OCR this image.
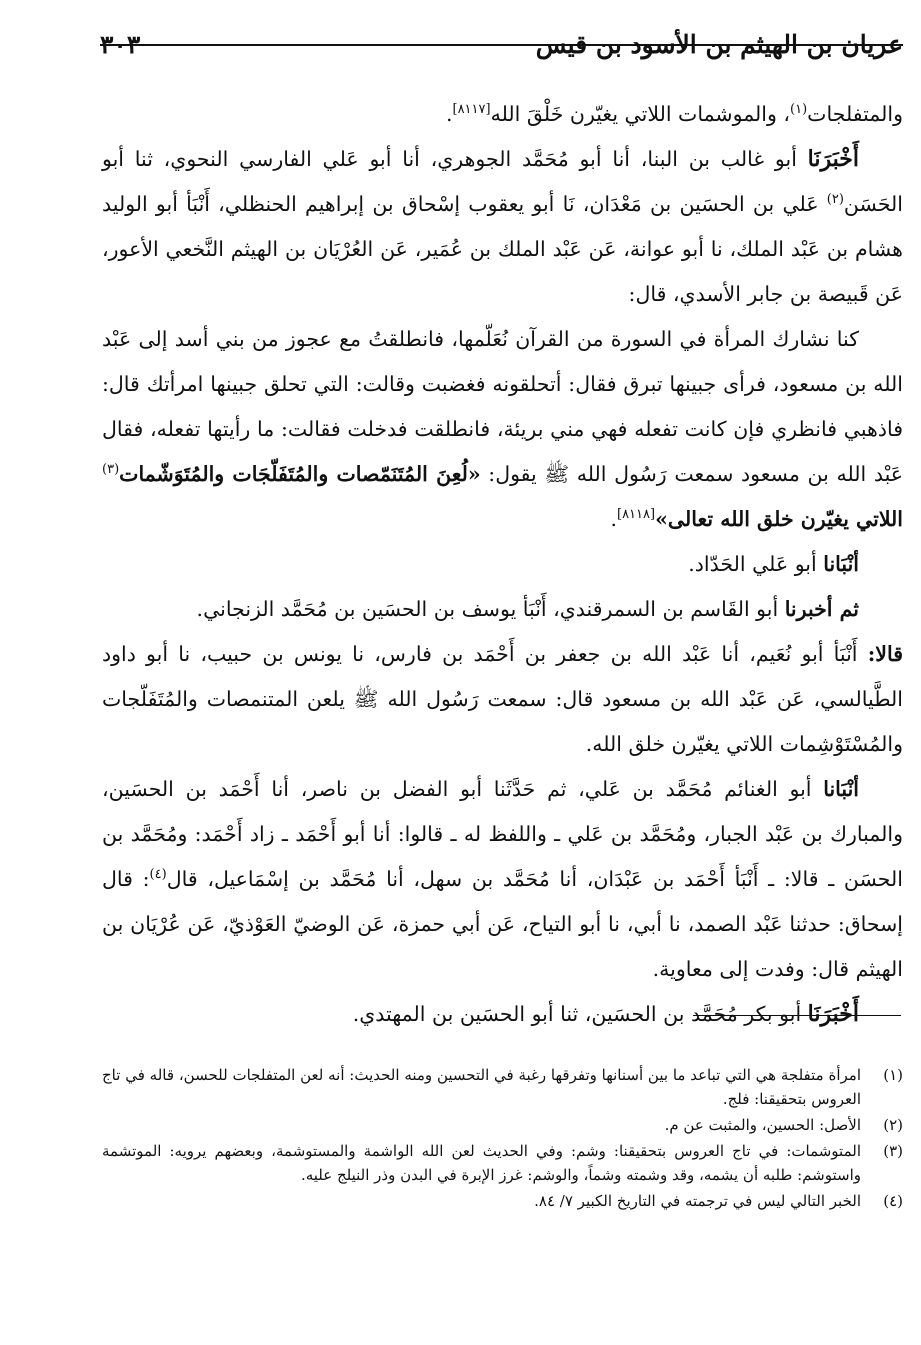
عريان بن الهيثم بن الأسود بن قيس
٣٠٣

والمتفلجات$^{(١)}$، والموشمات اللاتي يغيّرن خَلْقَ الله[٨١١٧].

أَخْبَرَنَا أبو غالب بن البنا، أنا أبو مُحَمَّد الجوهري، أنا أبو عَلي الفارسي النحوي، ثنا أبو الحَسَن$^{(٢)}$ عَلي بن الحسَين بن مَعْدَان، نَا أبو يعقوب إسْحاق بن إبراهيم الحنظلي، أَنْبَأ أبو الوليد هشام بن عَبْد الملك، نا أبو عوانة، عَن عَبْد الملك بن عُمَير، عَن العُرْيَان بن الهيثم النَّخعي الأعور، عَن قَبيصة بن جابر الأسدي، قال:

كنا نشارك المرأة في السورة من القرآن نُعَلّمها، فانطلقتُ مع عجوز من بني أسد إلى عَبْد الله بن مسعود، فرأى جبينها تبرق فقال: أتحلقونه فغضبت وقالت: التي تحلق جبينها امرأتك قال: فاذهبي فانظري فإن كانت تفعله فهي مني بريئة، فانطلقت فدخلت فقالت: ما رأيتها تفعله، فقال عَبْد الله بن مسعود سمعت رَسُول الله ﷺ يقول: «لُعِنَ المُتَنَمّصات والمُتَفَلّجَات والمُتَوَشّمات$^{(٣)}$ اللاتي يغيّرن خلق الله تعالى»[٨١١٨].

أنْبَانا أبو عَلي الحَدّاد.

ثم أخبرنا أبو القَاسم بن السمرقندي، أَنْبَأ يوسف بن الحسَين بن مُحَمَّد الزنجاني.

قالا: أَنْبَأ أبو نُعَيم، أنا عَبْد الله بن جعفر بن أَحْمَد بن فارس، نا يونس بن حبيب، نا أبو داود الطَّيالسي، عَن عَبْد الله بن مسعود قال: سمعت رَسُول الله ﷺ يلعن المتنمصات والمُتَفَلّجات والمُسْتَوْشِمات اللاتي يغيّرن خلق الله.

أنْبَانا أبو الغنائم مُحَمَّد بن عَلي، ثم حَدَّثَنا أبو الفضل بن ناصر، أنا أَحْمَد بن الحسَين، والمبارك بن عَبْد الجبار، ومُحَمَّد بن عَلي ـ واللفظ له ـ قالوا: أنا أبو أَحْمَد ـ زاد أَحْمَد: ومُحَمَّد بن الحسَن ـ قالا: ـ أَنْبَأ أَحْمَد بن عَبْدَان، أنا مُحَمَّد بن سهل، أنا مُحَمَّد بن إسْمَاعيل، قال$^{(٤)}$: قال إسحاق: حدثنا عَبْد الصمد، نا أبي، نا أبو التياح، عَن أبي حمزة، عَن الوضيّ العَوْذيّ، عَن عُرْيَان بن الهيثم قال: وفدت إلى معاوية.

أَخْبَرَنَا أبو بكر مُحَمَّد بن الحسَين، ثنا أبو الحسَين بن المهتدي.

(١)
امرأة متفلجة هي التي تباعد ما بين أسنانها وتفرقها رغبة في التحسين ومنه الحديث: أنه لعن المتفلجات للحسن، قاله في تاج العروس بتحقيقنا: فلج.
(٢)
الأصل: الحسين، والمثبت عن م.
(٣)
المتوشمات: في تاج العروس بتحقيقنا: وشم: وفي الحديث لعن الله الواشمة والمستوشمة، وبعضهم يرويه: الموتشمة واستوشم: طلبه أن يشمه، وقد وشمته وشماً، والوشم: غرز الإبرة في البدن وذر النيلج عليه.
(٤)
الخبر التالي ليس في ترجمته في التاريخ الكبير ٧/ ٨٤.
